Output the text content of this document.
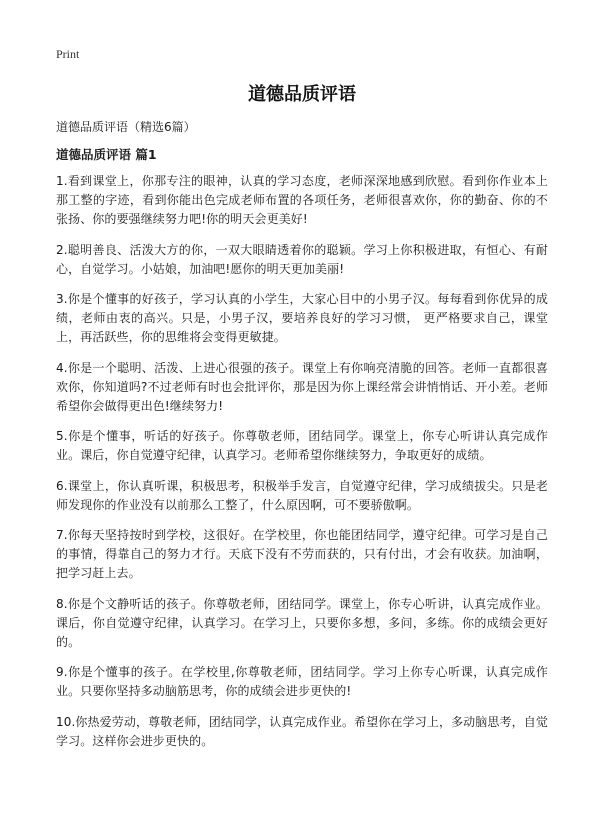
Print
道德品质评语
道德品质评语（精选6篇）
道德品质评语 篇1

1.看到课堂上，你那专注的眼神，认真的学习态度，老师深深地感到欣慰。看到你作业本上那工整的字迹，看到你能出色完成老师布置的各项任务，老师很喜欢你，你的勤奋、你的不张扬、你的要强继续努力吧!你的明天会更美好!

2.聪明善良、活泼大方的你，一双大眼睛透着你的聪颖。学习上你积极进取，有恒心、有耐心，自觉学习。小姑娘，加油吧!愿你的明天更加美丽!

3.你是个懂事的好孩子，学习认真的小学生，大家心目中的小男子汉。每每看到你优异的成绩，老师由衷的高兴。只是，小男子汉，要培养良好的学习习惯， 更严格要求自己，课堂上，再活跃些，你的思维将会变得更敏捷。

4.你是一个聪明、活泼、上进心很强的孩子。课堂上有你响亮清脆的回答。老师一直都很喜欢你，你知道吗?不过老师有时也会批评你，那是因为你上课经常会讲悄悄话、开小差。老师希望你会做得更出色!继续努力!

5.你是个懂事，听话的好孩子。你尊敬老师，团结同学。课堂上，你专心听讲认真完成作业。课后，你自觉遵守纪律，认真学习。老师希望你继续努力，争取更好的成绩。

6.课堂上，你认真听课，积极思考，积极举手发言，自觉遵守纪律，学习成绩拔尖。只是老师发现你的作业没有以前那么工整了，什么原因啊，可不要骄傲啊。

7.你每天坚持按时到学校，这很好。在学校里，你也能团结同学，遵守纪律。可学习是自己的事情，得靠自己的努力才行。天底下没有不劳而获的，只有付出，才会有收获。加油啊，把学习赶上去。

8.你是个文静听话的孩子。你尊敬老师，团结同学。课堂上，你专心听讲，认真完成作业。课后，你自觉遵守纪律，认真学习。在学习上，只要你多想，多问，多练。你的成绩会更好的。

9.你是个懂事的孩子。在学校里,你尊敬老师，团结同学。学习上你专心听课，认真完成作业。只要你坚持多动脑筋思考，你的成绩会进步更快的!

10.你热爱劳动，尊敬老师，团结同学，认真完成作业。希望你在学习上，多动脑思考，自觉学习。这样你会进步更快的。
